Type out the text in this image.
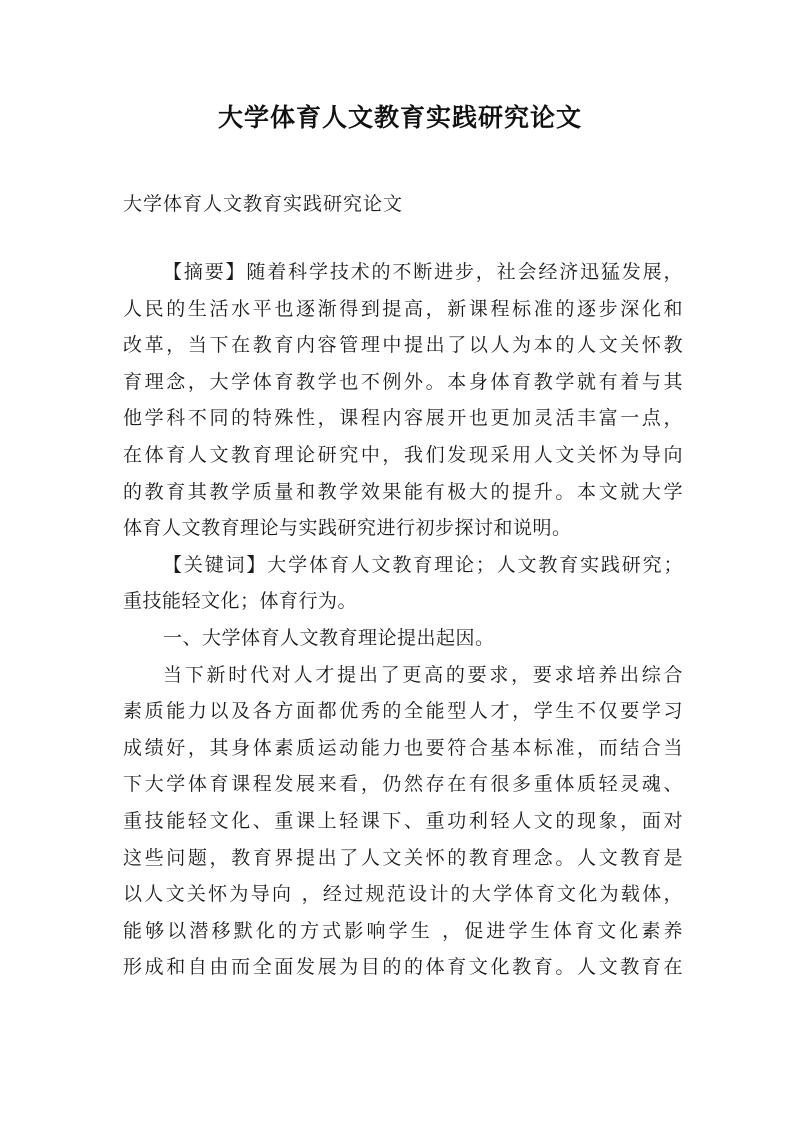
大学体育人文教育实践研究论文
大学体育人文教育实践研究论文
【摘要】随着科学技术的不断进步，社会经济迅猛发展，
人民的生活水平也逐渐得到提高，新课程标准的逐步深化和
改革，当下在教育内容管理中提出了以人为本的人文关怀教
育理念，大学体育教学也不例外。本身体育教学就有着与其
他学科不同的特殊性，课程内容展开也更加灵活丰富一点，
在体育人文教育理论研究中，我们发现采用人文关怀为导向
的教育其教学质量和教学效果能有极大的提升。本文就大学
体育人文教育理论与实践研究进行初步探讨和说明。
【关键词】大学体育人文教育理论；人文教育实践研究；
重技能轻文化；体育行为。
一、大学体育人文教育理论提出起因。
当下新时代对人才提出了更高的要求，要求培养出综合
素质能力以及各方面都优秀的全能型人才，学生不仅要学习
成绩好，其身体素质运动能力也要符合基本标准，而结合当
下大学体育课程发展来看，仍然存在有很多重体质轻灵魂、
重技能轻文化、重课上轻课下、重功利轻人文的现象，面对
这些问题，教育界提出了人文关怀的教育理念。人文教育是
以人文关怀为导向 ，经过规范设计的大学体育文化为载体，
能够以潜移默化的方式影响学生 ，促进学生体育文化素养
形成和自由而全面发展为目的的体育文化教育。人文教育在
